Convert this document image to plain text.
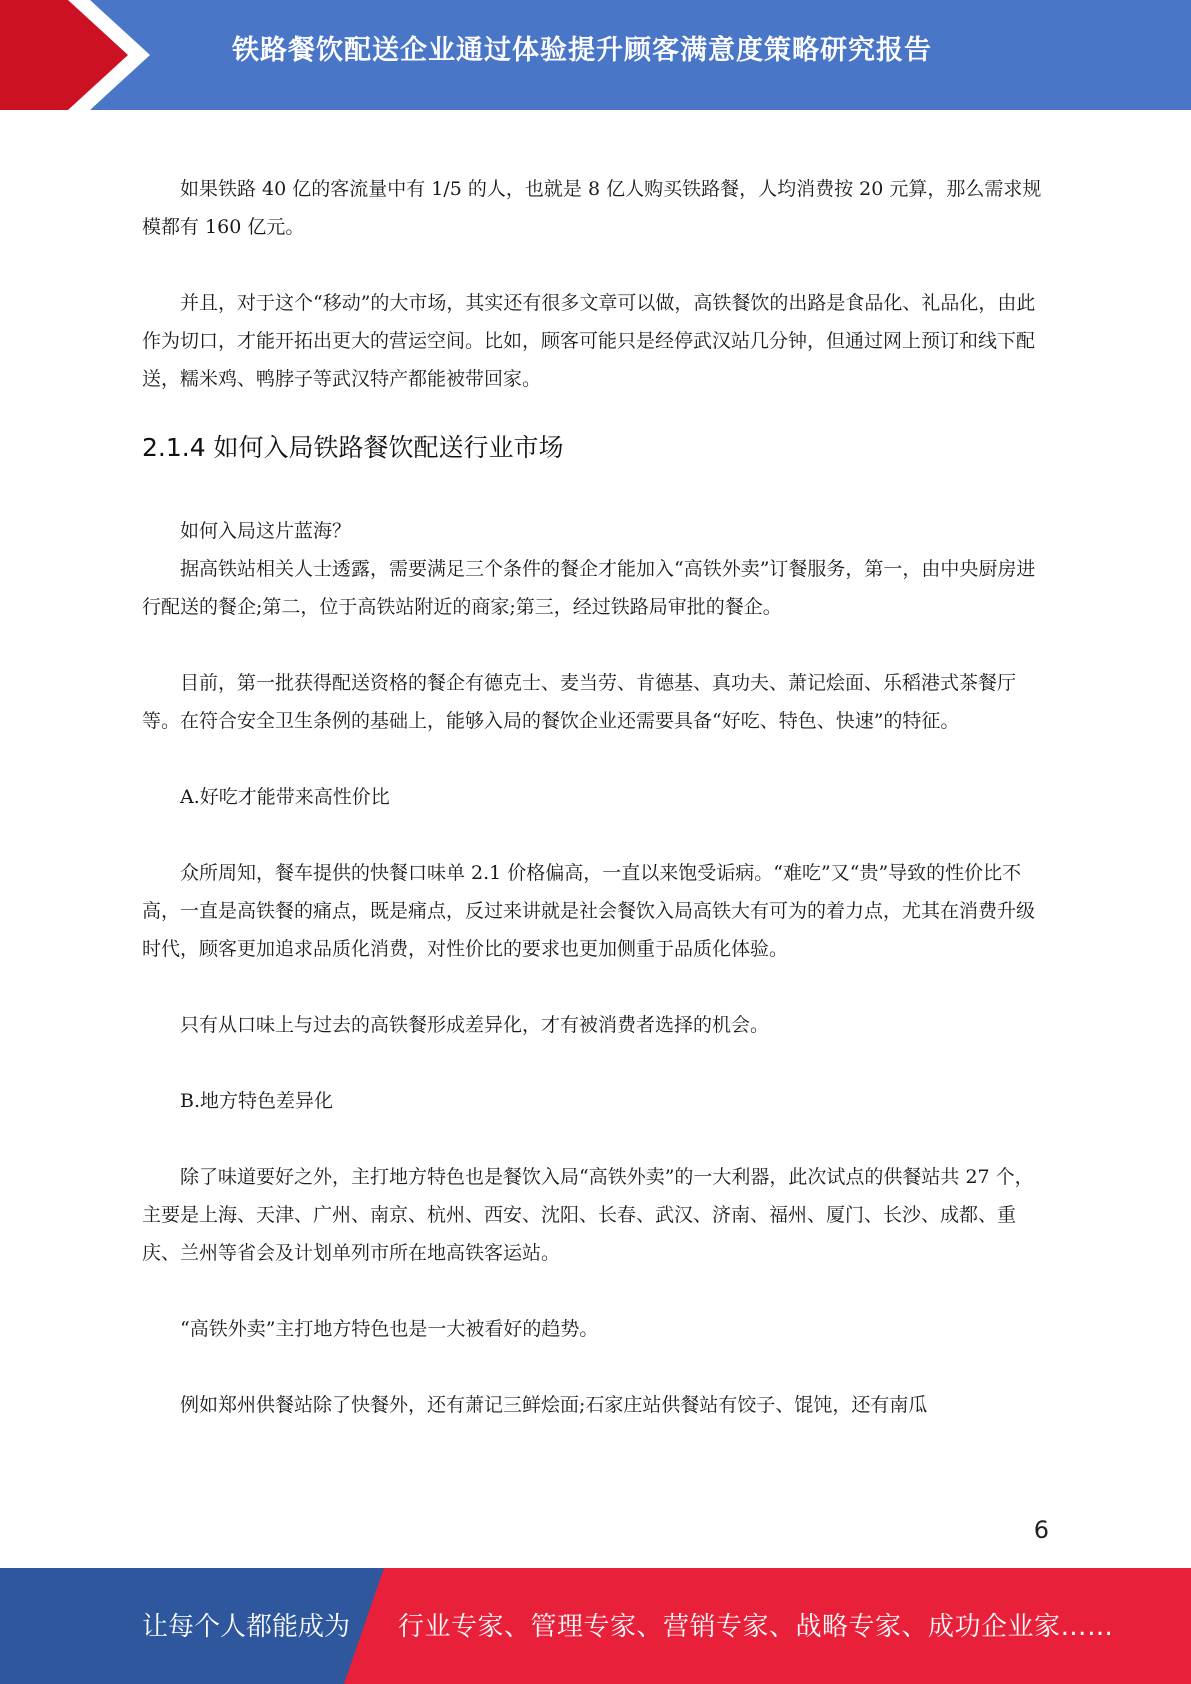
铁路餐饮配送企业通过体验提升顾客满意度策略研究报告

如果铁路 40 亿的客流量中有 1/5 的人，也就是 8 亿人购买铁路餐，人均消费按 20 元算，那么需求规模都有 160 亿元。

并且，对于这个“移动”的大市场，其实还有很多文章可以做，高铁餐饮的出路是食品化、礼品化，由此作为切口，才能开拓出更大的营运空间。比如，顾客可能只是经停武汉站几分钟，但通过网上预订和线下配送，糯米鸡、鸭脖子等武汉特产都能被带回家。

2.1.4 如何入局铁路餐饮配送行业市场

如何入局这片蓝海？

据高铁站相关人士透露，需要满足三个条件的餐企才能加入“高铁外卖”订餐服务，第一，由中央厨房进行配送的餐企;第二，位于高铁站附近的商家;第三，经过铁路局审批的餐企。

目前，第一批获得配送资格的餐企有德克士、麦当劳、肯德基、真功夫、萧记烩面、乐稻港式茶餐厅等。在符合安全卫生条例的基础上，能够入局的餐饮企业还需要具备“好吃、特色、快速”的特征。

A.好吃才能带来高性价比

众所周知，餐车提供的快餐口味单 2.1 价格偏高，一直以来饱受诟病。“难吃”又“贵”导致的性价比不高，一直是高铁餐的痛点，既是痛点，反过来讲就是社会餐饮入局高铁大有可为的着力点，尤其在消费升级时代，顾客更加追求品质化消费，对性价比的要求也更加侧重于品质化体验。

只有从口味上与过去的高铁餐形成差异化，才有被消费者选择的机会。

B.地方特色差异化

除了味道要好之外，主打地方特色也是餐饮入局“高铁外卖”的一大利器，此次试点的供餐站共 27 个，主要是上海、天津、广州、南京、杭州、西安、沈阳、长春、武汉、济南、福州、厦门、长沙、成都、重庆、兰州等省会及计划单列市所在地高铁客运站。

“高铁外卖”主打地方特色也是一大被看好的趋势。

例如郑州供餐站除了快餐外，还有萧记三鲜烩面;石家庄站供餐站有饺子、馄饨，还有南瓜

6
让每个人都能成为 行业专家、管理专家、营销专家、战略专家、成功企业家……
